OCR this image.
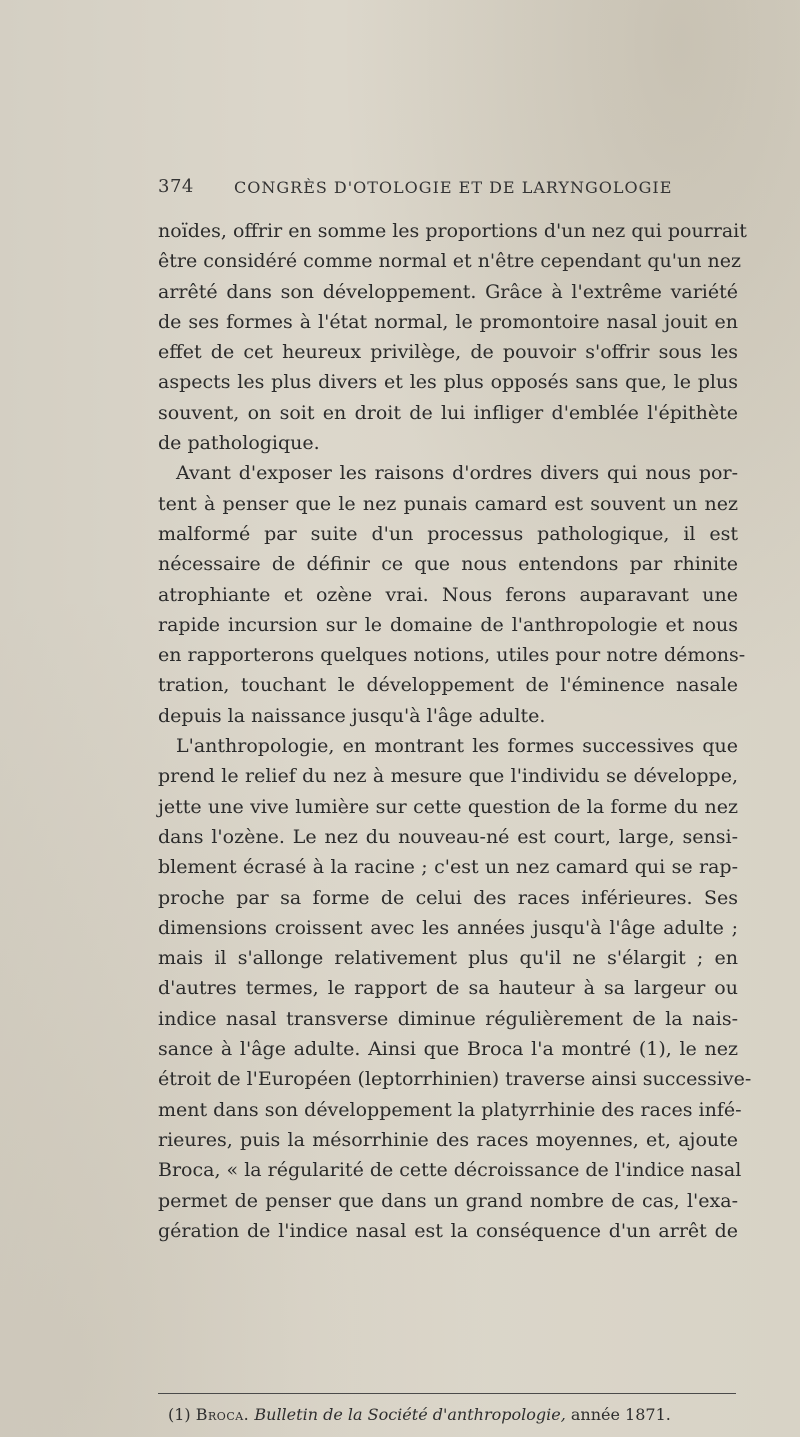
374	CONGRÈS D'OTOLOGIE ET DE LARYNGOLOGIE
noïdes, offrir en somme les proportions d'un nez qui pourrait
être considéré comme normal et n'être cependant qu'un nez
arrêté dans son développement. Grâce à l'extrême variété
de ses formes à l'état normal, le promontoire nasal jouit en
effet de cet heureux privilège, de pouvoir s'offrir sous les
aspects les plus divers et les plus opposés sans que, le plus
souvent, on soit en droit de lui infliger d'emblée l'épithète
de pathologique.
Avant d'exposer les raisons d'ordres divers qui nous por-
tent à penser que le nez punais camard est souvent un nez
malformé par suite d'un processus pathologique, il est
nécessaire de définir ce que nous entendons par rhinite
atrophiante et ozène vrai. Nous ferons auparavant une
rapide incursion sur le domaine de l'anthropologie et nous
en rapporterons quelques notions, utiles pour notre démons-
tration, touchant le développement de l'éminence nasale
depuis la naissance jusqu'à l'âge adulte.
L'anthropologie, en montrant les formes successives que
prend le relief du nez à mesure que l'individu se développe,
jette une vive lumière sur cette question de la forme du nez
dans l'ozène. Le nez du nouveau-né est court, large, sensi-
blement écrasé à la racine ; c'est un nez camard qui se rap-
proche par sa forme de celui des races inférieures. Ses
dimensions croissent avec les années jusqu'à l'âge adulte ;
mais il s'allonge relativement plus qu'il ne s'élargit ; en
d'autres termes, le rapport de sa hauteur à sa largeur ou
indice nasal transverse diminue régulièrement de la nais-
sance à l'âge adulte. Ainsi que Broca l'a montré (1), le nez
étroit de l'Européen (leptorrhinien) traverse ainsi successive-
ment dans son développement la platyrrhinie des races infé-
rieures, puis la mésorrhinie des races moyennes, et, ajoute
Broca, « la régularité de cette décroissance de l'indice nasal
permet de penser que dans un grand nombre de cas, l'exa-
gération de l'indice nasal est la conséquence d'un arrêt de
(1) Broca. Bulletin de la Société d'anthropologie, année 1871.
